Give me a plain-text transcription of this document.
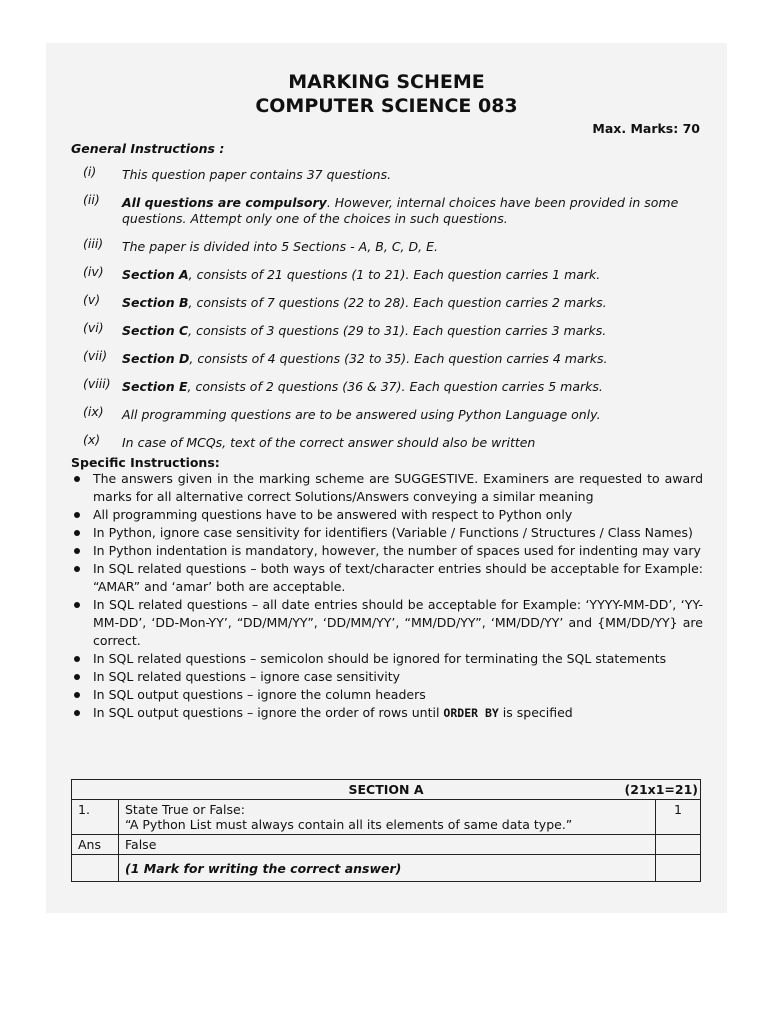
MARKING SCHEME
COMPUTER SCIENCE 083
Max. Marks: 70
General Instructions :
(i)	This question paper contains 37 questions.
(ii)	All questions are compulsory. However, internal choices have been provided in some questions. Attempt only one of the choices in such questions.
(iii)	The paper is divided into 5 Sections - A, B, C, D, E.
(iv)	Section A, consists of 21 questions (1 to 21). Each question carries 1 mark.
(v)	Section B, consists of 7 questions (22 to 28). Each question carries 2 marks.
(vi)	Section C, consists of 3 questions (29 to 31). Each question carries 3 marks.
(vii)	Section D, consists of 4 questions (32 to 35). Each question carries 4 marks.
(viii) Section E, consists of 2 questions (36 & 37). Each question carries 5 marks.
(ix)	All programming questions are to be answered using Python Language only.
(x)	In case of MCQs, text of the correct answer should also be written
Specific Instructions:
The answers given in the marking scheme are SUGGESTIVE. Examiners are requested to award marks for all alternative correct Solutions/Answers conveying a similar meaning
All programming questions have to be answered with respect to Python only
In Python, ignore case sensitivity for identifiers (Variable / Functions / Structures / Class Names)
In Python indentation is mandatory, however, the number of spaces used for indenting may vary
In SQL related questions – both ways of text/character entries should be acceptable for Example: “AMAR” and ‘amar’ both are acceptable.
In SQL related questions – all date entries should be acceptable for Example: ‘YYYY-MM-DD’, ‘YY-MM-DD’, ‘DD-Mon-YY’, “DD/MM/YY”, ‘DD/MM/YY’, “MM/DD/YY”, ‘MM/DD/YY’ and {MM/DD/YY} are correct.
In SQL related questions – semicolon should be ignored for terminating the SQL statements
In SQL related questions – ignore case sensitivity
In SQL output questions – ignore the column headers
In SQL output questions – ignore the order of rows until ORDER BY is specified
SECTION A (21x1=21)		

1.	State True or False:
“A Python List must always contain all its elements of same data type.”	1
Ans	False	
	(1 Mark for writing the correct answer)	
